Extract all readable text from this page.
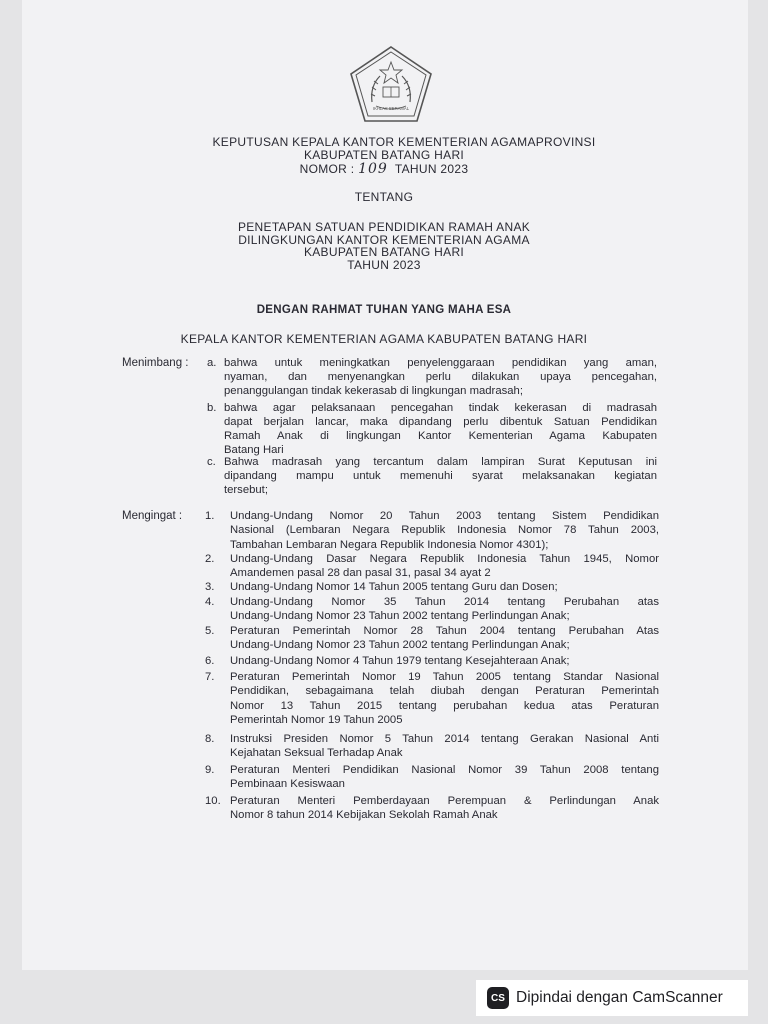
IKHLAS BERAMAL
KEPUTUSAN KEPALA KANTOR KEMENTERIAN AGAMAPROVINSI
KABUPATEN BATANG HARI
NOMOR : 109  TAHUN 2023
TENTANG
PENETAPAN SATUAN PENDIDIKAN RAMAH ANAK
DILINGKUNGAN KANTOR KEMENTERIAN AGAMA
KABUPATEN BATANG HARI
TAHUN 2023
DENGAN RAHMAT TUHAN YANG MAHA ESA
KEPALA KANTOR KEMENTERIAN AGAMA KABUPATEN BATANG HARI
Menimbang : a. bahwa untuk meningkatkan penyelenggaraan pendidikan yang aman,
nyaman, dan menyenangkan perlu dilakukan upaya pencegahan,
penanggulangan tindak kekerasab di lingkungan madrasah;
b. bahwa agar pelaksanaan pencegahan tindak kekerasan di madrasah
dapat berjalan lancar, maka dipandang perlu dibentuk Satuan Pendidikan
Ramah Anak di lingkungan Kantor Kementerian Agama Kabupaten
Batang Hari
c. Bahwa madrasah yang tercantum dalam lampiran Surat Keputusan ini
dipandang mampu untuk memenuhi syarat melaksanakan kegiatan
tersebut;
Mengingat : 1. Undang-Undang Nomor 20 Tahun 2003 tentang Sistem Pendidikan
Nasional (Lembaran Negara Republik Indonesia Nomor 78 Tahun 2003,
Tambahan Lembaran Negara Republik Indonesia Nomor 4301);
2. Undang-Undang Dasar Negara Republik Indonesia Tahun 1945, Nomor
Amandemen pasal 28 dan pasal 31, pasal 34 ayat 2
3. Undang-Undang Nomor 14 Tahun 2005 tentang Guru dan Dosen;
4. Undang-Undang Nomor 35 Tahun 2014 tentang Perubahan atas
Undang-Undang Nomor 23 Tahun 2002 tentang Perlindungan Anak;
5. Peraturan Pemerintah Nomor 28 Tahun 2004 tentang Perubahan Atas
Undang-Undang Nomor 23 Tahun 2002 tentang Perlindungan Anak;
6. Undang-Undang Nomor 4 Tahun 1979 tentang Kesejahteraan Anak;
7. Peraturan Pemerintah Nomor 19 Tahun 2005 tentang Standar Nasional
Pendidikan, sebagaimana telah diubah dengan Peraturan Pemerintah
Nomor 13 Tahun 2015 tentang perubahan kedua atas Peraturan
Pemerintah Nomor 19 Tahun 2005
8. Instruksi Presiden Nomor 5 Tahun 2014 tentang Gerakan Nasional Anti
Kejahatan Seksual Terhadap Anak
9. Peraturan Menteri Pendidikan Nasional Nomor 39 Tahun 2008 tentang
Pembinaan Kesiswaan
10. Peraturan Menteri Pemberdayaan Perempuan & Perlindungan Anak
Nomor 8 tahun 2014 Kebijakan Sekolah Ramah Anak
CS Dipindai dengan CamScanner
